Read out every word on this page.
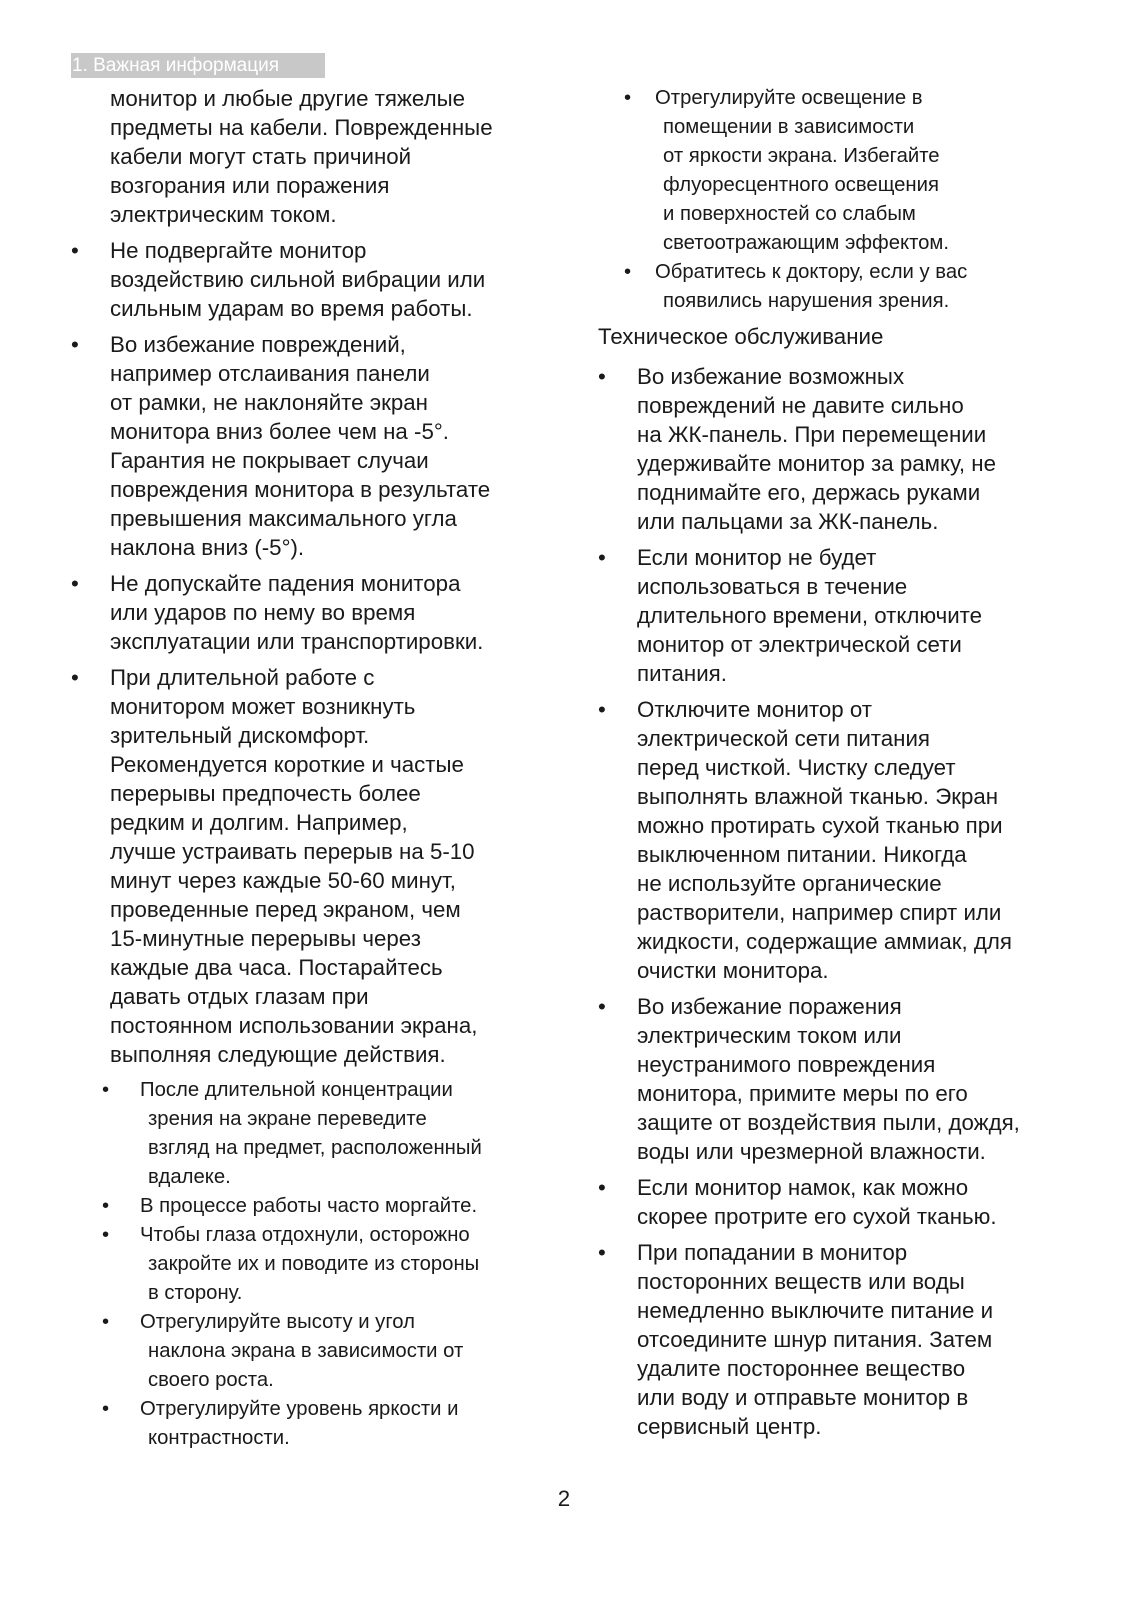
1. Важная информация

монитор и любые другие тяжелые
предметы на кабели. Поврежденные
кабели могут стать причиной
возгорания или поражения
электрическим током.

•	Не подвергайте монитор
воздействию сильной вибрации или
сильным ударам во время работы.
•	Во избежание повреждений,
например отслаивания панели
от рамки, не наклоняйте экран
монитора вниз более чем на -5°.
Гарантия не покрывает случаи
повреждения монитора в результате
превышения максимального угла
наклона вниз (-5°).
•	Не допускайте падения монитора
или ударов по нему во время
эксплуатации или транспортировки.
•	При длительной работе с
монитором может возникнуть
зрительный дискомфорт.
Рекомендуется короткие и частые
перерывы предпочесть более
редким и долгим. Например,
лучше устраивать перерыв на 5-10
минут через каждые 50-60 минут,
проведенные перед экраном, чем
15-минутные перерывы через
каждые два часа. Постарайтесь
давать отдых глазам при
постоянном использовании экрана,
выполняя следующие действия.
•	После длительной концентрации
зрения на экране переведите
взгляд на предмет, расположенный
вдалеке.
•	В процессе работы часто моргайте.
•	Чтобы глаза отдохнули, осторожно
закройте их и поводите из стороны
в сторону.
•	Отрегулируйте высоту и угол
наклона экрана в зависимости от
своего роста.
•	Отрегулируйте уровень яркости и
контрастности.
•	Отрегулируйте освещение в
помещении в зависимости
от яркости экрана. Избегайте
флуоресцентного освещения
и поверхностей со слабым
светоотражающим эффектом.
•	Обратитесь к доктору, если у вас
появились нарушения зрения.
Техническое обслуживание
•	Во избежание возможных
повреждений не давите сильно
на ЖК-панель. При перемещении
удерживайте монитор за рамку, не
поднимайте его, держась руками
или пальцами за ЖК-панель.
•	Если монитор не будет
использоваться в течение
длительного времени, отключите
монитор от электрической сети
питания.
•	Отключите монитор от
электрической сети питания
перед чисткой. Чистку следует
выполнять влажной тканью. Экран
можно протирать сухой тканью при
выключенном питании. Никогда
не используйте органические
растворители, например спирт или
жидкости, содержащие аммиак, для
очистки монитора.
•	Во избежание поражения
электрическим током или
неустранимого повреждения
монитора, примите меры по его
защите от воздействия пыли, дождя,
воды или чрезмерной влажности.
•	Если монитор намок, как можно
скорее протрите его сухой тканью.
•	При попадании в монитор
посторонних веществ или воды
немедленно выключите питание и
отсоедините шнур питания. Затем
удалите постороннее вещество
или воду и отправьте монитор в
сервисный центр.
2
